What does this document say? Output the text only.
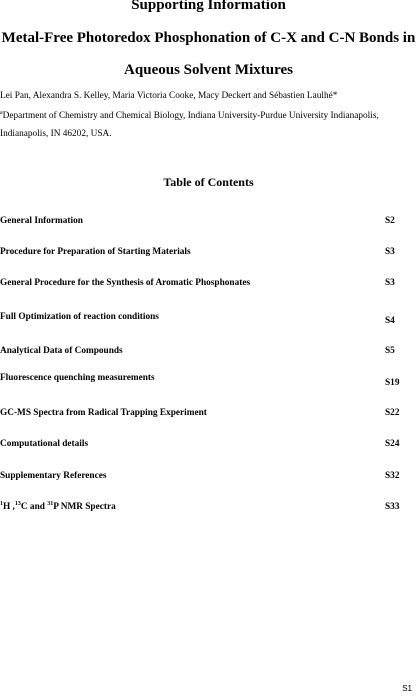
Supporting Information
Metal-Free Photoredox Phosphonation of C-X and C-N Bonds in
Aqueous Solvent Mixtures
Lei Pan, Alexandra S. Kelley, Maria Victoria Cooke, Macy Deckert and Sébastien Laulhé*
$^a$Department of Chemistry and Chemical Biology, Indiana University-Purdue University Indianapolis,
Indianapolis, IN 46202, USA.
Table of Contents
General Information	S2
Procedure for Preparation of Starting Materials	S3
General Procedure for the Synthesis of Aromatic Phosphonates	S3
Full Optimization of reaction conditions	S4
Analytical Data of Compounds	S5
Fluorescence quenching measurements	S19
GC-MS Spectra from Radical Trapping Experiment	S22
Computational details	S24
Supplementary References	S32
$^1$H ,$^{13}$C and $^{31}$P NMR Spectra	S33
S1
